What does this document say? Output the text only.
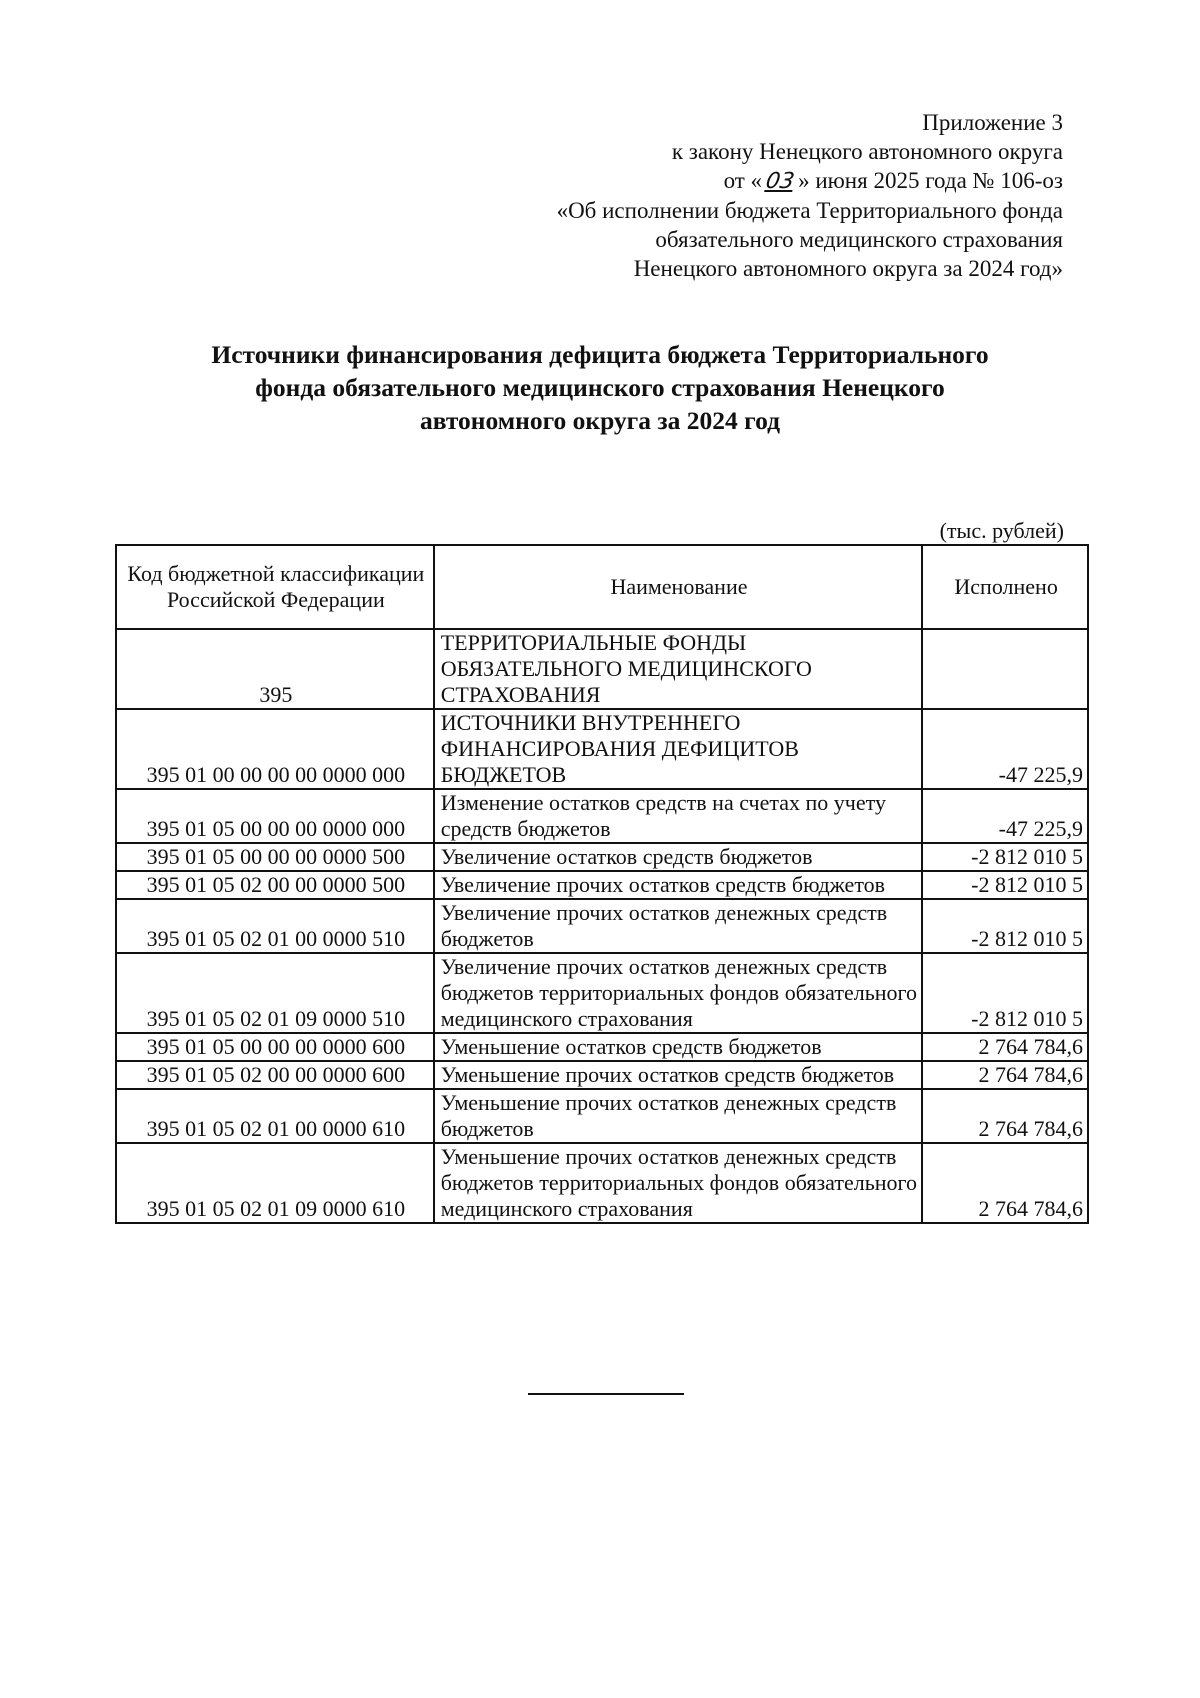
Приложение 3
к закону Ненецкого автономного округа
от «03» июня 2025 года № 106-оз
«Об исполнении бюджета Территориального фонда
обязательного медицинского страхования
Ненецкого автономного округа за 2024 год»
Источники финансирования дефицита бюджета Территориального
фонда обязательного медицинского страхования Ненецкого
автономного округа за 2024 год
(тыс. рублей)
Код бюджетной классификации Российской Федерации	Наименование	Исполнено
395	ТЕРРИТОРИАЛЬНЫЕ ФОНДЫ ОБЯЗАТЕЛЬНОГО МЕДИЦИНСКОГО СТРАХОВАНИЯ	
395 01 00 00 00 00 0000 000	ИСТОЧНИКИ ВНУТРЕННЕГО ФИНАНСИРОВАНИЯ ДЕФИЦИТОВ БЮДЖЕТОВ	-47 225,9
395 01 05 00 00 00 0000 000	Изменение остатков средств на счетах по учету средств бюджетов	-47 225,9
395 01 05 00 00 00 0000 500	Увеличение остатков средств бюджетов	-2 812 010 5
395 01 05 02 00 00 0000 500	Увеличение прочих остатков средств бюджетов	-2 812 010 5
395 01 05 02 01 00 0000 510	Увеличение прочих остатков денежных средств бюджетов	-2 812 010 5
395 01 05 02 01 09 0000 510	Увеличение прочих остатков денежных средств бюджетов территориальных фондов обязательного медицинского страхования	-2 812 010 5
395 01 05 00 00 00 0000 600	Уменьшение остатков средств бюджетов	2 764 784,6
395 01 05 02 00 00 0000 600	Уменьшение прочих остатков средств бюджетов	2 764 784,6
395 01 05 02 01 00 0000 610	Уменьшение прочих остатков денежных средств бюджетов	2 764 784,6
395 01 05 02 01 09 0000 610	Уменьшение прочих остатков денежных средств бюджетов территориальных фондов обязательного медицинского страхования	2 764 784,6
